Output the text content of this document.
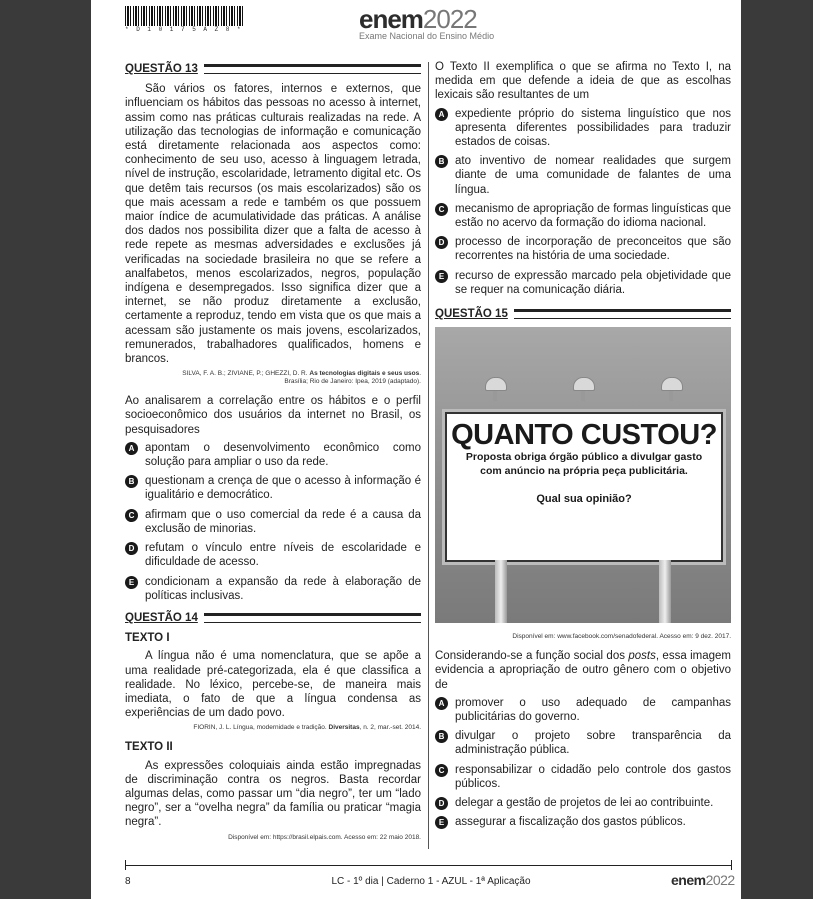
* D 1 0 1 7 5 A Z 8 *	enem2022
Exame Nacional do Ensino Médio
QUESTÃO 13

São vários os fatores, internos e externos, que influenciam os hábitos das pessoas no acesso à internet, assim como nas práticas culturais realizadas na rede. A utilização das tecnologias de informação e comunicação está diretamente relacionada aos aspectos como: conhecimento de seu uso, acesso à linguagem letrada, nível de instrução, escolaridade, letramento digital etc. Os que detêm tais recursos (os mais escolarizados) são os que mais acessam a rede e também os que possuem maior índice de acumulatividade das práticas. A análise dos dados nos possibilita dizer que a falta de acesso à rede repete as mesmas adversidades e exclusões já verificadas na sociedade brasileira no que se refere a analfabetos, menos escolarizados, negros, população indígena e desempregados. Isso significa dizer que a internet, se não produz diretamente a exclusão, certamente a reproduz, tendo em vista que os que mais a acessam são justamente os mais jovens, escolarizados, remunerados, trabalhadores qualificados, homens e brancos.

SILVA, F. A. B.; ZIVIANE, P.; GHEZZI, D. R. As tecnologias digitais e seus usos.
Brasília; Rio de Janeiro: Ipea, 2019 (adaptado).

Ao analisarem a correlação entre os hábitos e o perfil socioeconômico dos usuários da internet no Brasil, os pesquisadores

A apontam o desenvolvimento econômico como solução para ampliar o uso da rede.
B questionam a crença de que o acesso à informação é igualitário e democrático.
C afirmam que o uso comercial da rede é a causa da exclusão de minorias.
D refutam o vínculo entre níveis de escolaridade e dificuldade de acesso.
E condicionam a expansão da rede à elaboração de políticas inclusivas.
QUESTÃO 14
TEXTO I

A língua não é uma nomenclatura, que se apõe a uma realidade pré-categorizada, ela é que classifica a realidade. No léxico, percebe-se, de maneira mais imediata, o fato de que a língua condensa as experiências de um dado povo.

FIORIN, J. L. Língua, modernidade e tradição. Diversitas, n. 2, mar.-set. 2014.
TEXTO II

As expressões coloquiais ainda estão impregnadas de discriminação contra os negros. Basta recordar algumas delas, como passar um “dia negro”, ter um “lado negro”, ser a “ovelha negra” da família ou praticar “magia negra”.

Disponível em: https://brasil.elpais.com. Acesso em: 22 maio 2018.

O Texto II exemplifica o que se afirma no Texto I, na medida em que defende a ideia de que as escolhas lexicais são resultantes de um

A expediente próprio do sistema linguístico que nos apresenta diferentes possibilidades para traduzir estados de coisas.
B ato inventivo de nomear realidades que surgem diante de uma comunidade de falantes de uma língua.
C mecanismo de apropriação de formas linguísticas que estão no acervo da formação do idioma nacional.
D processo de incorporação de preconceitos que são recorrentes na história de uma sociedade.
E recurso de expressão marcado pela objetividade que se requer na comunicação diária.
QUESTÃO 15
QUANTO CUSTOU?
Proposta obriga órgão público a divulgar gasto
com anúncio na própria peça publicitária.
Qual sua opinião?
Disponível em: www.facebook.com/senadofederal. Acesso em: 9 dez. 2017.

Considerando-se a função social dos posts, essa imagem evidencia a apropriação de outro gênero com o objetivo de

A promover o uso adequado de campanhas publicitárias do governo.
B divulgar o projeto sobre transparência da administração pública.
C responsabilizar o cidadão pelo controle dos gastos públicos.
D delegar a gestão de projetos de lei ao contribuinte.
E assegurar a fiscalização dos gastos públicos.
8	LC - 1º dia | Caderno 1 - AZUL - 1ª Aplicação	enem2022
